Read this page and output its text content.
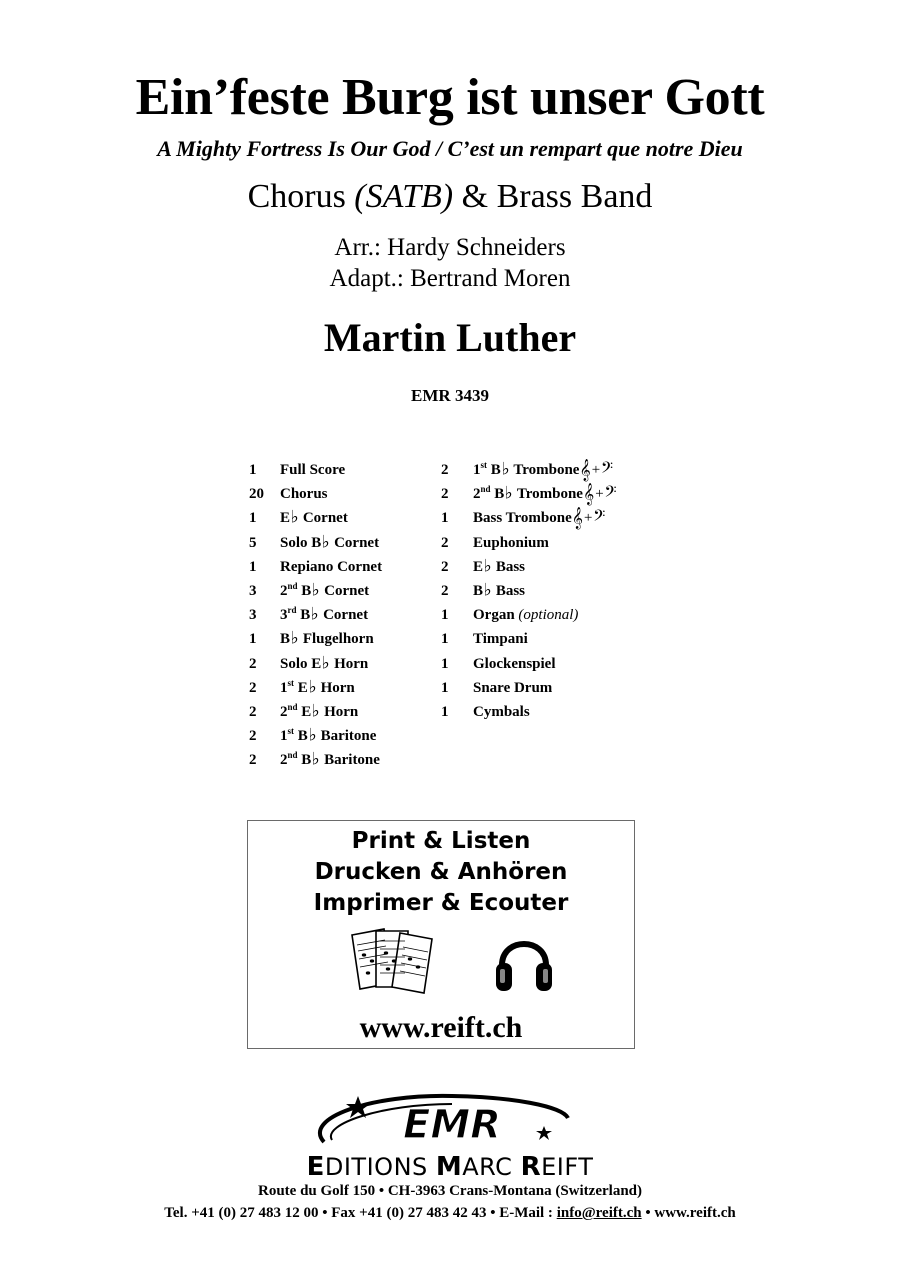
Ein’feste Burg ist unser Gott
A Mighty Fortress Is Our God / C’est un rempart que notre Dieu
Chorus (SATB) & Brass Band
Arr.: Hardy Schneiders
Adapt.: Bertrand Moren
Martin Luther
EMR 3439
1 Full Score
20 Chorus
1 E♭ Cornet
5 Solo B♭ Cornet
1 Repiano Cornet
3 2nd B♭ Cornet
3 3rd B♭ Cornet
1 B♭ Flugelhorn
2 Solo E♭ Horn
2 1st E♭ Horn
2 2nd E♭ Horn
2 1st B♭ Baritone
2 2nd B♭ Baritone
2 1st B♭ Trombone𝄞+𝄢
2 2nd B♭ Trombone𝄞+𝄢
1 Bass Trombone𝄞+𝄢
2 Euphonium
2 E♭ Bass
2 B♭ Bass
1 Organ (optional)
1 Timpani
1 Glockenspiel
1 Snare Drum
1 Cymbals
Print & Listen
Drucken & Anhören
Imprimer & Ecouter
www.reift.ch
EMR
EDITIONS MARC REIFT
Route du Golf 150 • CH-3963 Crans-Montana (Switzerland)
Tel. +41 (0) 27 483 12 00 • Fax +41 (0) 27 483 42 43 • E-Mail : info@reift.ch • www.reift.ch
